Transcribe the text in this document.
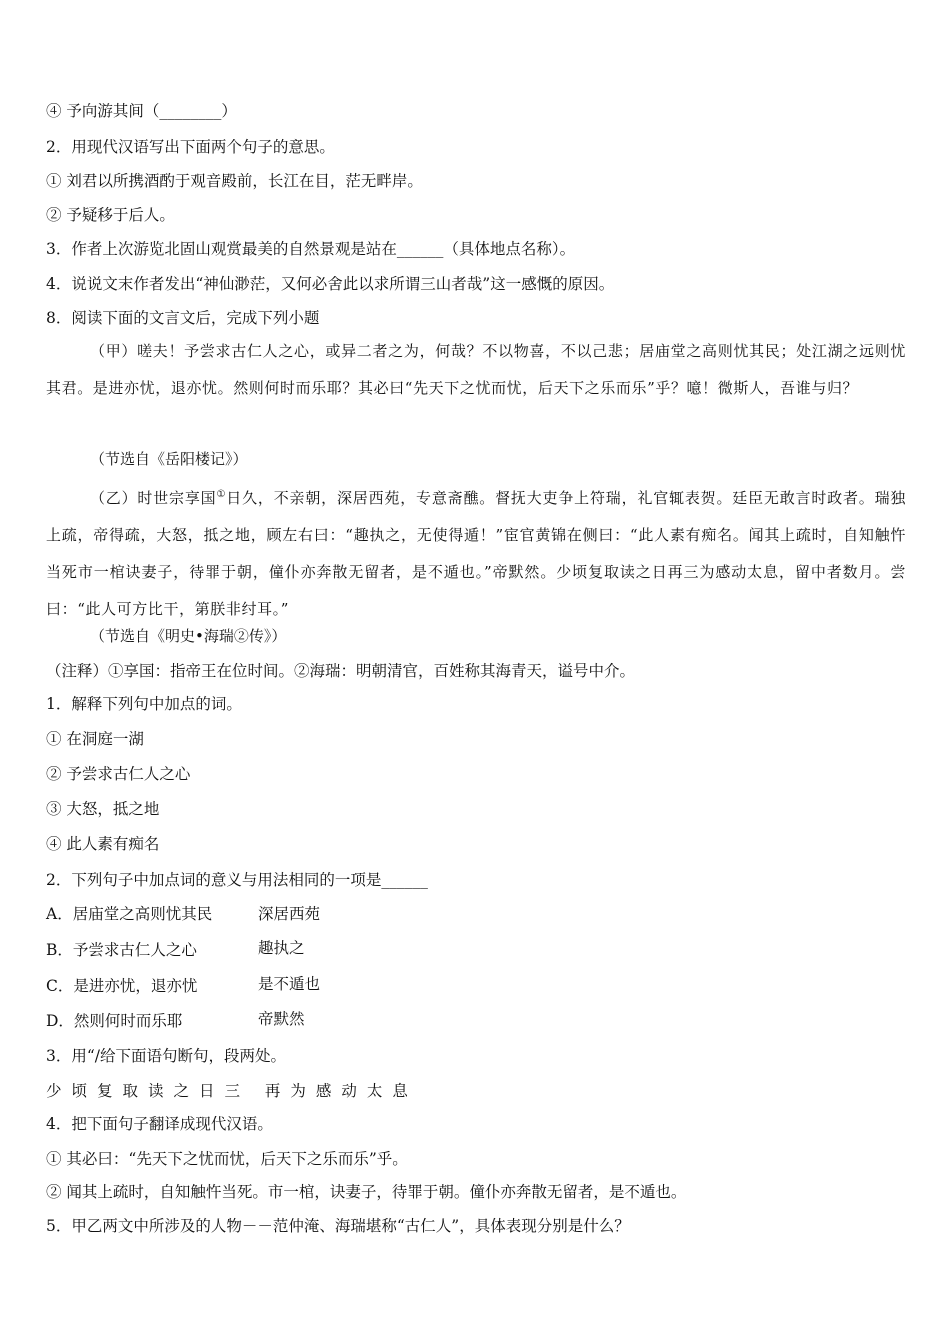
④ 予向游其间（________）
2．用现代汉语写出下面两个句子的意思。
① 刘君以所携酒酌于观音殿前，长江在目，茫无畔岸。
② 予疑移于后人。
3．作者上次游览北固山观赏最美的自然景观是站在______（具体地点名称）。
4．说说文末作者发出“神仙渺茫，又何必舍此以求所谓三山者哉”这一感慨的原因。
8．阅读下面的文言文后，完成下列小题
（甲）嗟夫！予尝求古仁人之心，或异二者之为，何哉？不以物喜，不以己悲；居庙堂之高则忧其民；处江湖之远则忧其君。是进亦忧，退亦忧。然则何时而乐耶？其必曰“先天下之忧而忧，后天下之乐而乐”乎？噫！微斯人，吾谁与归？
（节选自《岳阳楼记》）
（乙）时世宗享国①日久，不亲朝，深居西苑，专意斋醮。督抚大吏争上符瑞，礼官辄表贺。廷臣无敢言时政者。瑞独上疏，帝得疏，大怒，抵之地，顾左右曰：“趣执之，无使得遁！”宦官黄锦在侧曰：“此人素有痴名。闻其上疏时，自知触忤当死市一棺诀妻子，待罪于朝，僮仆亦奔散无留者，是不遁也。”帝默然。少顷复取读之日再三为感动太息，留中者数月。尝曰：“此人可方比干，第朕非纣耳。”
（节选自《明史•海瑞②传》）
（注释）①享国：指帝王在位时间。②海瑞：明朝清官，百姓称其海青天，谥号中介。
1．解释下列句中加点的词。
① 在洞庭一湖
② 予尝求古仁人之心
③ 大怒，抵之地
④ 此人素有痴名
2．下列句子中加点词的意义与用法相同的一项是______
A．居庙堂之高则忧其民	深居西苑
B．予尝求古仁人之心	趣执之
C．是进亦忧，退亦忧	是不遁也
D．然则何时而乐耶	帝默然
3．用“/给下面语句断句，段两处。
少顷复取读之日三 再为感动太息
4．把下面句子翻译成现代汉语。
① 其必曰：“先天下之忧而忧，后天下之乐而乐”乎。
② 闻其上疏时，自知触忤当死。市一棺，诀妻子，待罪于朝。僮仆亦奔散无留者，是不遁也。
5．甲乙两文中所涉及的人物－－范仲淹、海瑞堪称“古仁人”，具体表现分别是什么？
